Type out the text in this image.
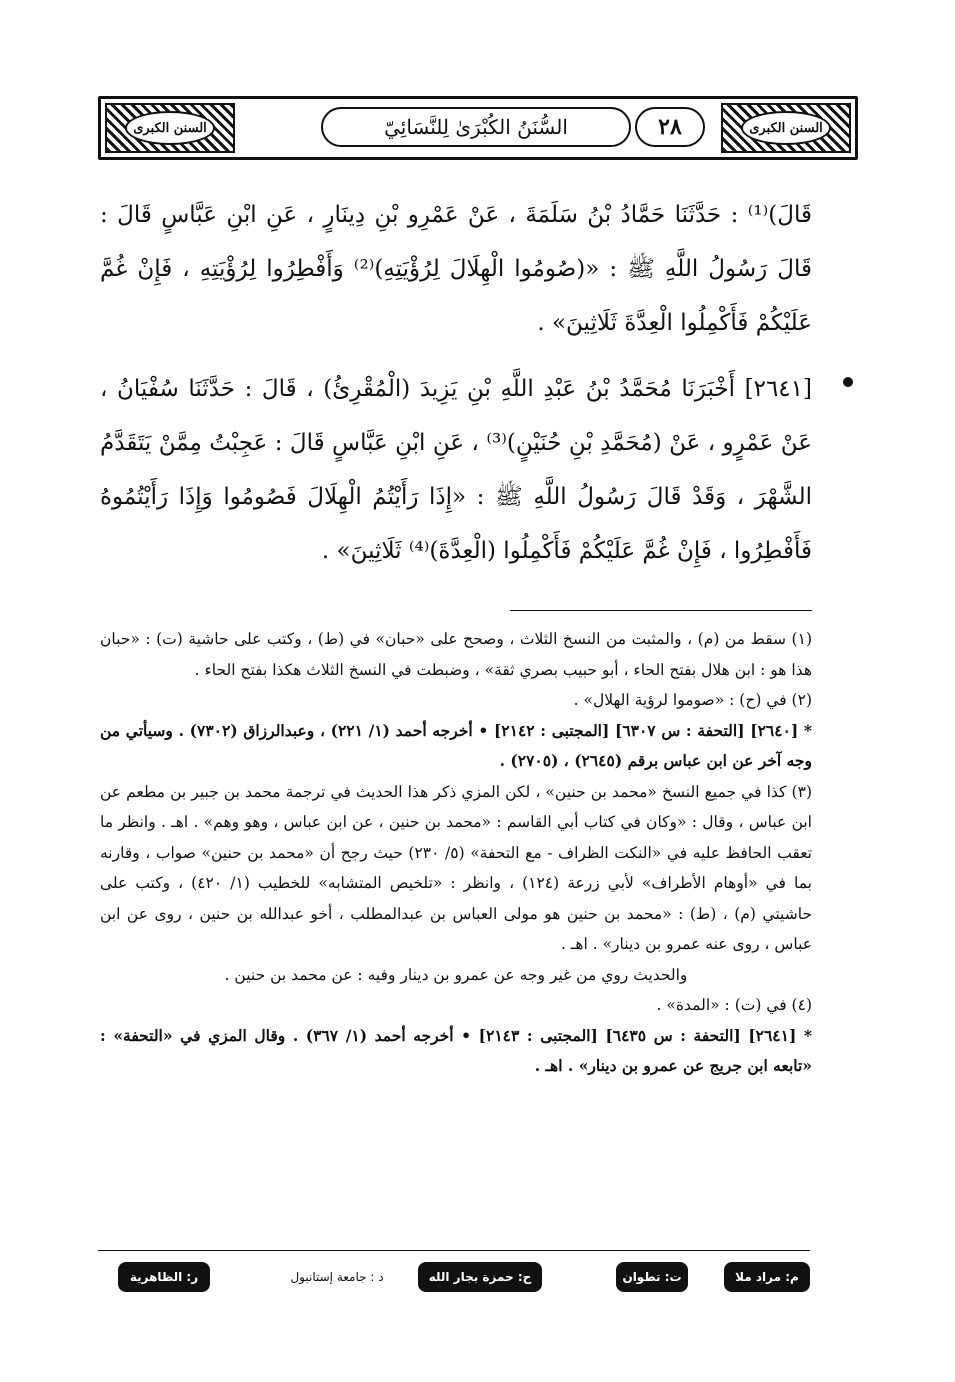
السنن الكبرى	السُّنَنُ الكُبْرَىٰ لِلنَّسَائِيّ	٢٨	السنن الكبرى

قَالَ)⁽¹⁾ : حَدَّثَنَا حَمَّادُ بْنُ سَلَمَةَ ، عَنْ عَمْرِو بْنِ دِينَارٍ ، عَنِ ابْنِ عَبَّاسٍ قَالَ : قَالَ رَسُولُ اللَّهِ ﷺ : «(صُومُوا الْهِلَالَ لِرُؤْيَتِهِ)⁽²⁾ وَأَفْطِرُوا لِرُؤْيَتِهِ ، فَإِنْ غُمَّ عَلَيْكُمْ فَأَكْمِلُوا الْعِدَّةَ ثَلَاثِينَ» .

[٢٦٤١] أَخْبَرَنَا مُحَمَّدُ بْنُ عَبْدِ اللَّهِ بْنِ يَزِيدَ (الْمُقْرِئُ) ، قَالَ : حَدَّثَنَا سُفْيَانُ ، عَنْ عَمْرٍو ، عَنْ (مُحَمَّدِ بْنِ حُنَيْنٍ)⁽³⁾ ، عَنِ ابْنِ عَبَّاسٍ قَالَ : عَجِبْتُ مِمَّنْ يَتَقَدَّمُ الشَّهْرَ ، وَقَدْ قَالَ رَسُولُ اللَّهِ ﷺ : «إِذَا رَأَيْتُمُ الْهِلَالَ فَصُومُوا وَإِذَا رَأَيْتُمُوهُ فَأَفْطِرُوا ، فَإِنْ غُمَّ عَلَيْكُمْ فَأَكْمِلُوا (الْعِدَّةَ)⁽⁴⁾ ثَلَاثِينَ» .

(١) سقط من (م) ، والمثبت من النسخ الثلاث ، وصحح على «حبان» في (ط) ، وكتب على حاشية (ت) : «حبان هذا هو : ابن هلال بفتح الحاء ، أبو حبيب بصري ثقة» ، وضبطت في النسخ الثلاث هكذا بفتح الحاء .

(٢) في (ح) : «صوموا لرؤية الهلال» .

* [٢٦٤٠] [التحفة : س ٦٣٠٧] [المجتبى : ٢١٤٢] • أخرجه أحمد (١/ ٢٢١) ، وعبدالرزاق (٧٣٠٢) . وسيأتي من وجه آخر عن ابن عباس برقم (٢٦٤٥) ، (٢٧٠٥) .

(٣) كذا في جميع النسخ «محمد بن حنين» ، لكن المزي ذكر هذا الحديث في ترجمة محمد بن جبير بن مطعم عن ابن عباس ، وقال : «وكان في كتاب أبي القاسم : «محمد بن حنين ، عن ابن عباس ، وهو وهم» . اهـ . وانظر ما تعقب الحافظ عليه في «النكت الظراف - مع التحفة» (٥/ ٢٣٠) حيث رجح أن «محمد بن حنين» صواب ، وقارنه بما في «أوهام الأطراف» لأبي زرعة (١٢٤) ، وانظر : «تلخيص المتشابه» للخطيب (١/ ٤٢٠) ، وكتب على حاشيتي (م) ، (ط) : «محمد بن حنين هو مولى العباس بن عبدالمطلب ، أخو عبدالله بن حنين ، روى عن ابن عباس ، روى عنه عمرو بن دينار» . اهـ .

والحديث روي من غير وجه عن عمرو بن دينار وفيه : عن محمد بن حنين .

(٤) في (ت) : «المدة» .

* [٢٦٤١] [التحفة : س ٦٤٣٥] [المجتبى : ٢١٤٣] • أخرجه أحمد (١/ ٣٦٧) . وقال المزي في «التحفة» : «تابعه ابن جريج عن عمرو بن دينار» . اهـ .

م: مراد ملا
ت: تطوان
ح: حمزة بجار الله
د : جامعة إستانبول
ر: الظاهرية
